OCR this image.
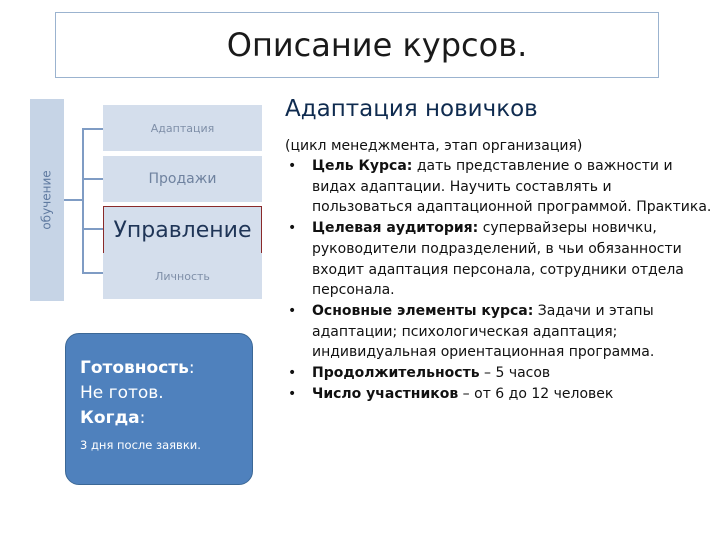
Описание курсов.
обучение
Адаптация
Продажи
Управление
Личность
Готовность:
Не готов.
Когда:
3 дня после заявки.
Адаптация новичков
(цикл менеджмента, этап организация)
• Цель Курса: дать представление о важности и видах адаптации. Научить составлять и пользоваться адаптационной программой. Практика.
• Целевая аудитория: супервайзеры новичкu, руководители подразделений, в чьи обязанности входит адаптация персонала, сотрудники отдела персонала.
• Основные элементы курса: Задачи и этапы адаптации; психологическая адаптация; индивидуальная ориентационная программа.
• Продолжительность – 5 часов
• Число участников – от 6 до 12 человек
